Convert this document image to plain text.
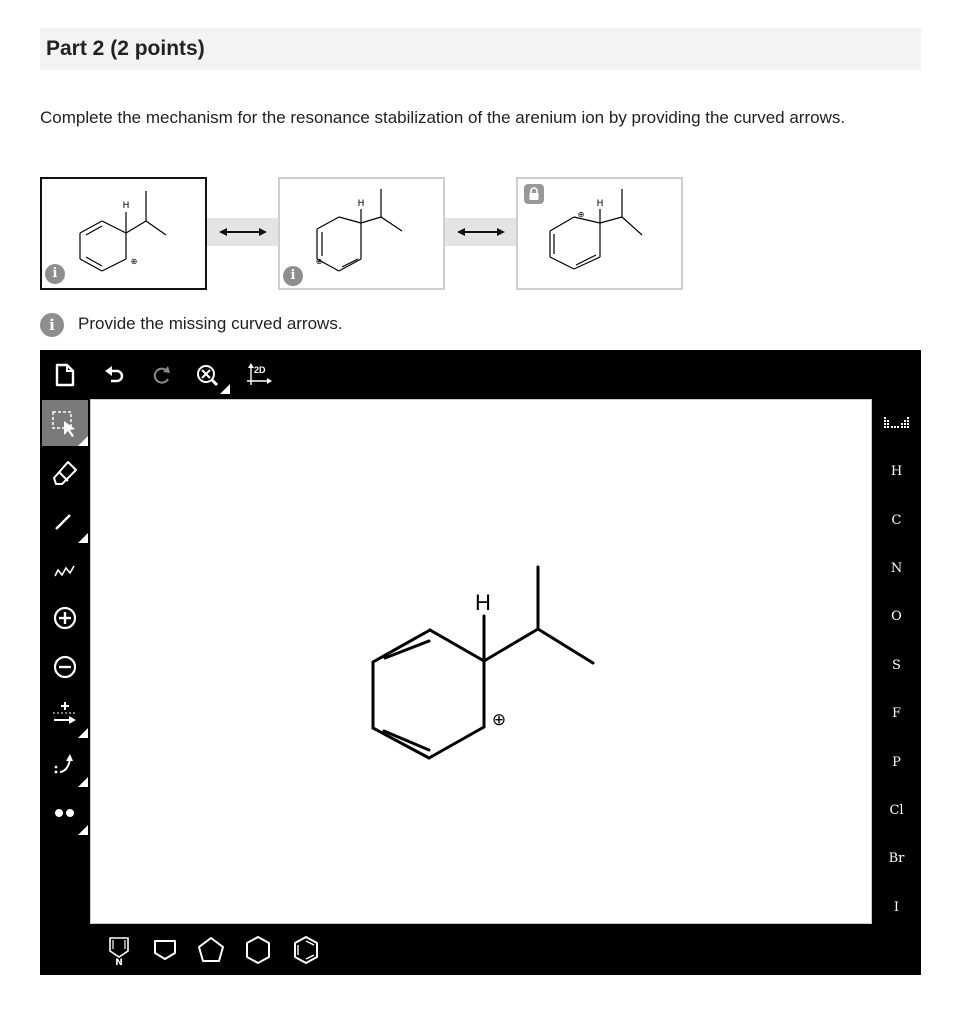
Part 2 (2 points)
Complete the mechanism for the resonance stabilization of the arenium ion by providing the curved arrows.
H
⊕
i
H
⊕
i
H
⊕
i	Provide the missing curved arrows.
2D
H
⊕
H
C
N
O
S
F
P
Cl
Br
I
N
